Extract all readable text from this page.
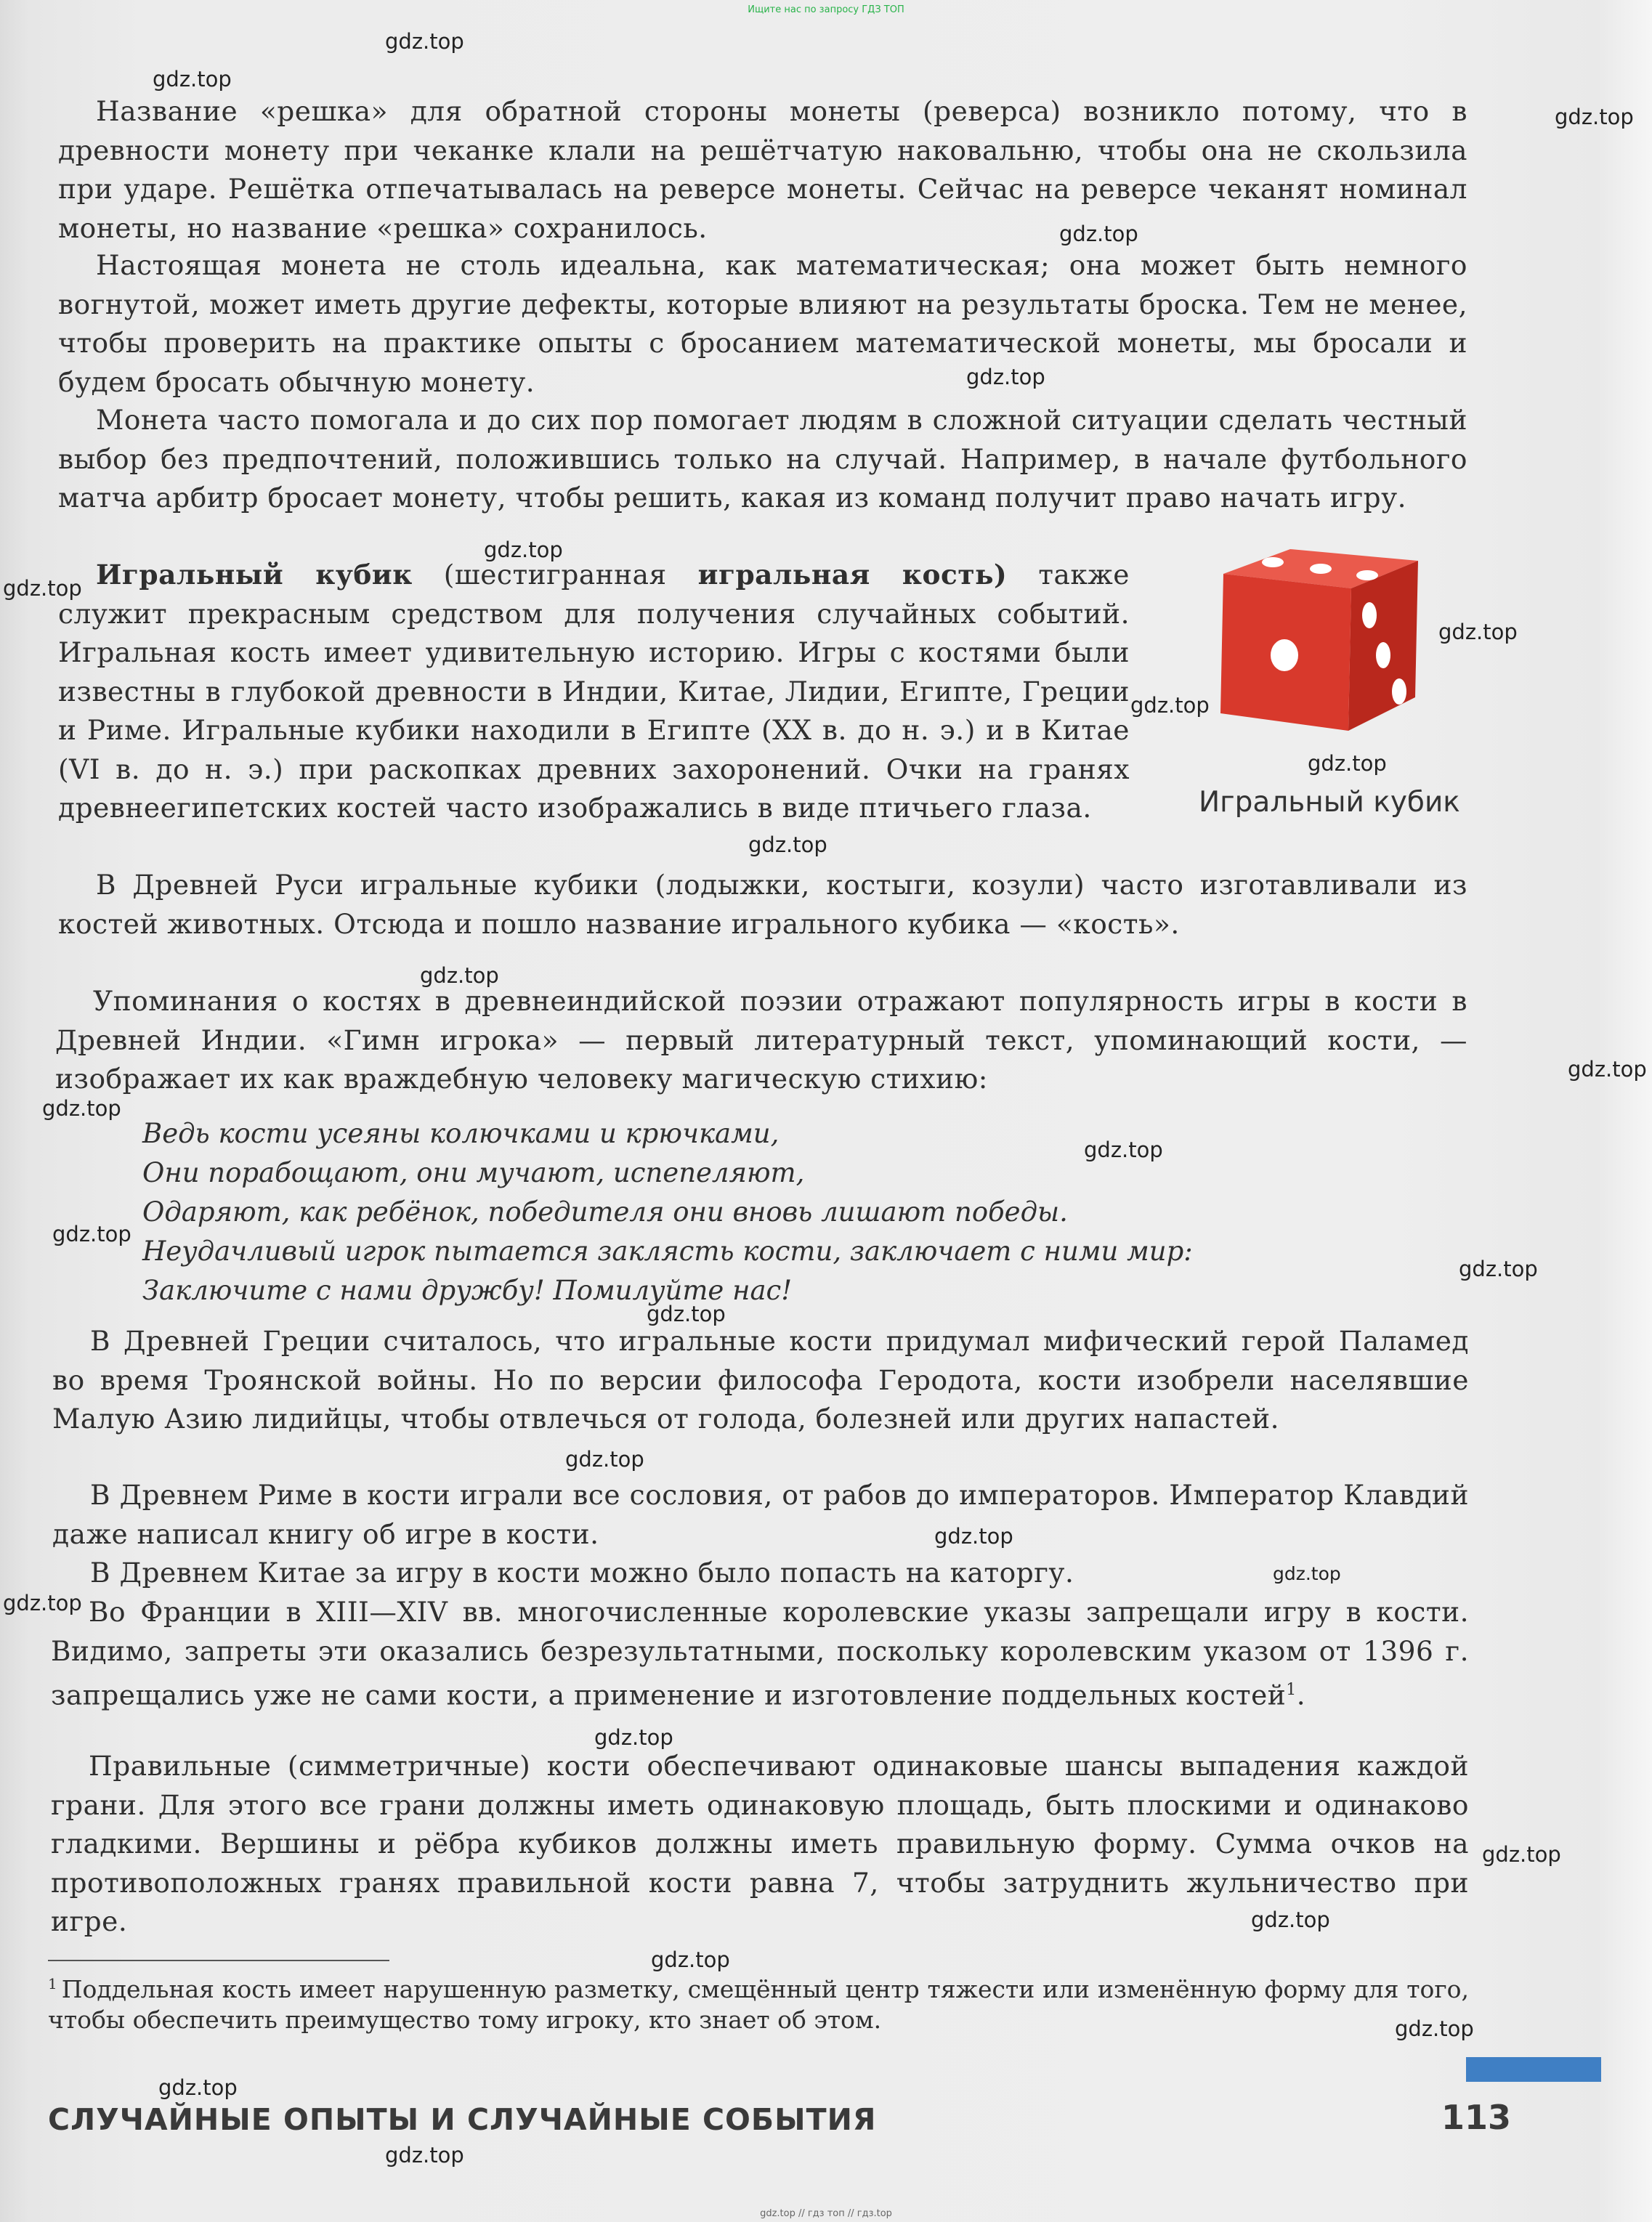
Ищите нас по запросу ГДЗ ТОП

Название «решка» для обратной стороны монеты (реверса) возникло потому, что в древности монету при чеканке клали на решётчатую наковальню, чтобы она не скользила при ударе. Решётка отпечатывалась на реверсе монеты. Сейчас на реверсе чеканят номинал монеты, но название «решка» сохранилось.

Настоящая монета не столь идеальна, как математическая; она может быть немного вогнутой, может иметь другие дефекты, которые влияют на результаты броска. Тем не менее, чтобы проверить на практике опыты с бросанием математической монеты, мы бросали и будем бросать обычную монету.

Монета часто помогала и до сих пор помогает людям в сложной ситуации сделать честный выбор без предпочтений, положившись только на случай. Например, в начале футбольного матча арбитр бросает монету, чтобы решить, какая из команд получит право начать игру.

Игральный кубик (шестигранная игральная кость) также служит прекрасным средством для получения случайных событий. Игральная кость имеет удивительную историю. Игры с костями были известны в глубокой древности в Индии, Китае, Лидии, Египте, Греции и Риме. Игральные кубики находили в Египте (XX в. до н. э.) и в Китае (VI в. до н. э.) при раскопках древних захоронений. Очки на гранях древнеегипетских костей часто изображались в виде птичьего глаза.	Игральный кубик

В Древней Руси игральные кубики (лодыжки, костыги, козули) часто изготавливали из костей животных. Отсюда и пошло название игрального кубика — «кость».

Упоминания о костях в древнеиндийской поэзии отражают популярность игры в кости в Древней Индии. «Гимн игрока» — первый литературный текст, упоминающий кости, — изображает их как враждебную человеку магическую стихию:

Ведь кости усеяны колючками и крючками,
Они порабощают, они мучают, испепеляют,
Одаряют, как ребёнок, победителя они вновь лишают победы.
Неудачливый игрок пытается заклясть кости, заключает с ними мир:
Заключите с нами дружбу! Помилуйте нас!

В Древней Греции считалось, что игральные кости придумал мифический герой Паламед во время Троянской войны. Но по версии философа Геродота, кости изобрели населявшие Малую Азию лидийцы, чтобы отвлечься от голода, болезней или других напастей.

В Древнем Риме в кости играли все сословия, от рабов до императоров. Император Клавдий даже написал книгу об игре в кости.

В Древнем Китае за игру в кости можно было попасть на каторгу.

Во Франции в XIII—XIV вв. многочисленные королевские указы запрещали игру в кости. Видимо, запреты эти оказались безрезультатными, поскольку королевским указом от 1396 г. запрещались уже не сами кости, а применение и изготовление поддельных костей$^1$.

Правильные (симметричные) кости обеспечивают одинаковые шансы выпадения каждой грани. Для этого все грани должны иметь одинаковую площадь, быть плоскими и одинаково гладкими. Вершины и рёбра кубиков должны иметь правильную форму. Сумма очков на противоположных гранях правильной кости равна 7, чтобы затруднить жульничество при игре.

$^1$ Поддельная кость имеет нарушенную разметку, смещённый центр тяжести или изменённую форму для того, чтобы обеспечить преимущество тому игроку, кто знает об этом.

СЛУЧАЙНЫЕ ОПЫТЫ И СЛУЧАЙНЫЕ СОБЫТИЯ	113
gdz.top
gdz.top
gdz.top
gdz.top
gdz.top
gdz.top
gdz.top
gdz.top
gdz.top
gdz.top
gdz.top
gdz.top
gdz.top
gdz.top
gdz.top
gdz.top
gdz.top
gdz.top
gdz.top
gdz.top
gdz.top
gdz.top
gdz.top
gdz.top
gdz.top
gdz.top
gdz.top
gdz.top
gdz.top
gdz.top // гдз топ // гдз.top
